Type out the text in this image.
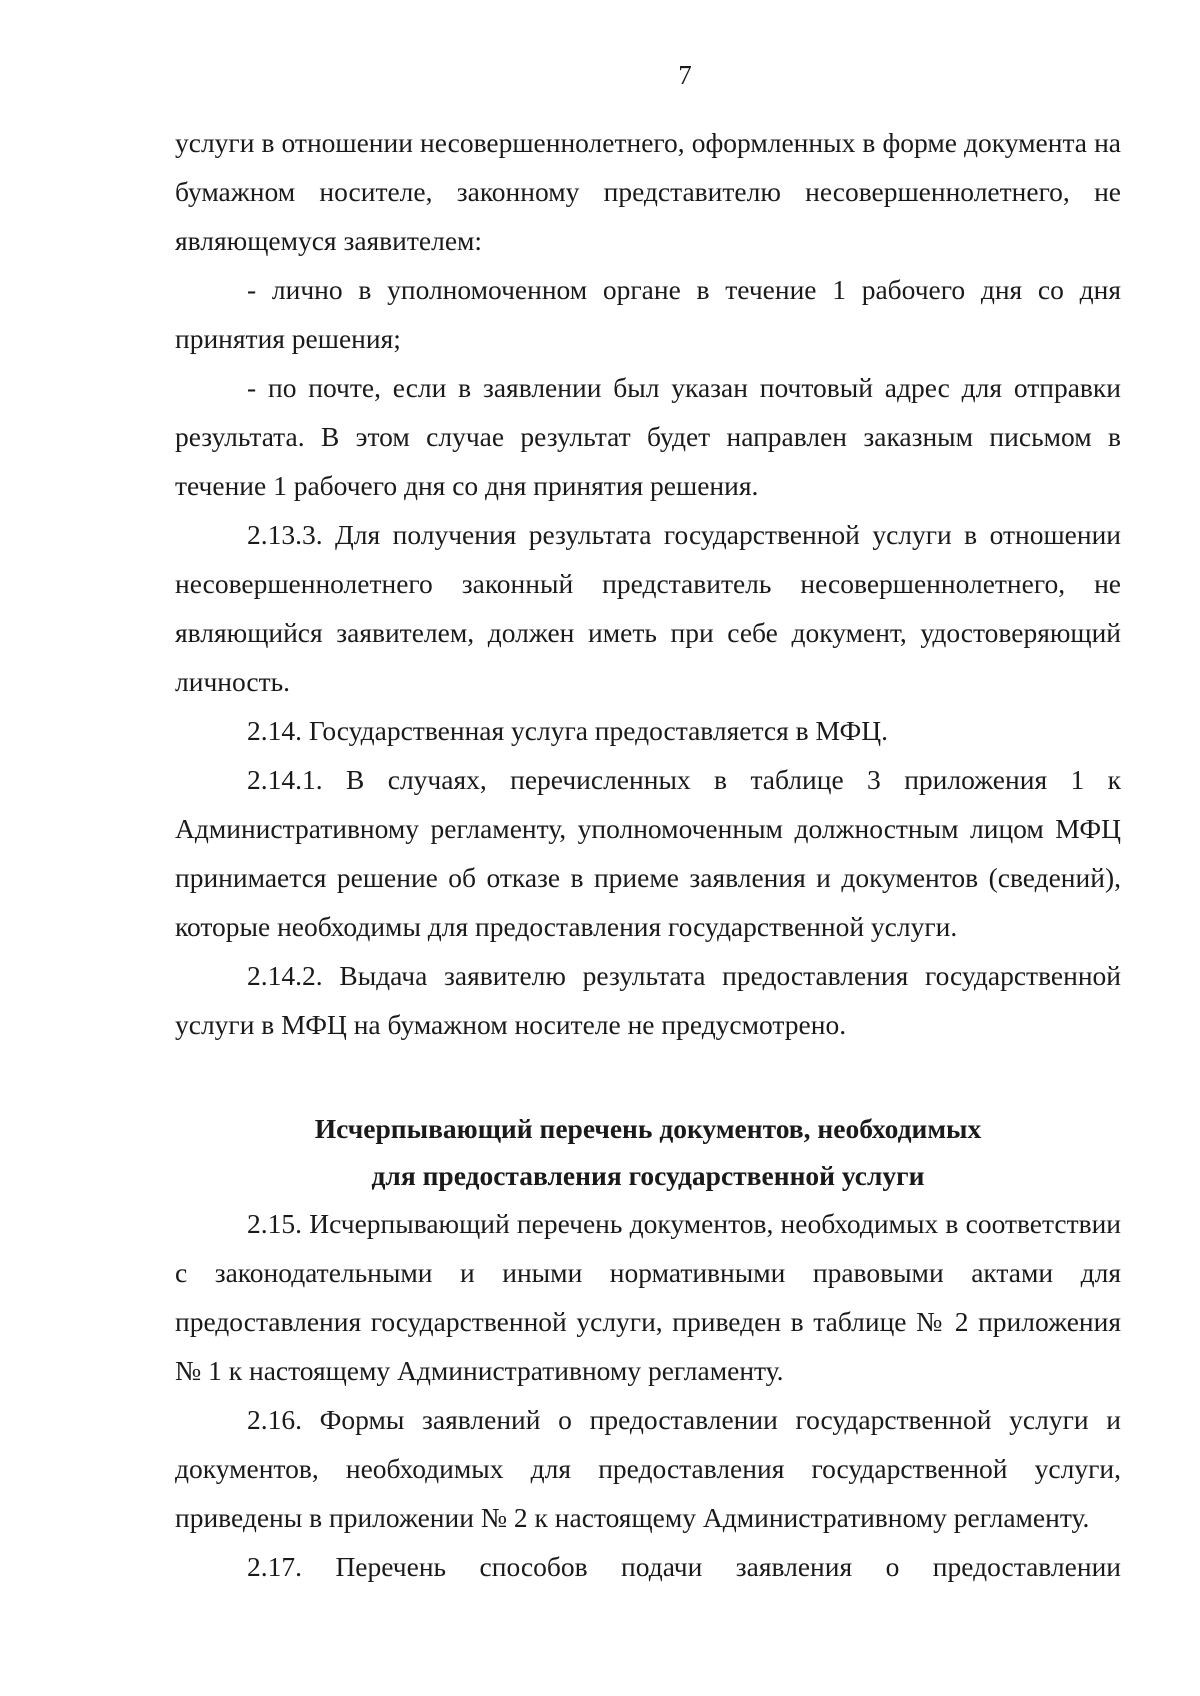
7

услуги в отношении несовершеннолетнего, оформленных в форме документа на бумажном носителе, законному представителю несовершеннолетнего, не являющемуся заявителем:

- лично в уполномоченном органе в течение 1 рабочего дня со дня принятия решения;

- по почте, если в заявлении был указан почтовый адрес для отправки результата. В этом случае результат будет направлен заказным письмом в течение 1 рабочего дня со дня принятия решения.

2.13.3. Для получения результата государственной услуги в отношении несовершеннолетнего законный представитель несовершеннолетнего, не являющийся заявителем, должен иметь при себе документ, удостоверяющий личность.

2.14. Государственная услуга предоставляется в МФЦ.

2.14.1. В случаях, перечисленных в таблице 3 приложения 1 к Административному регламенту, уполномоченным должностным лицом МФЦ принимается решение об отказе в приеме заявления и документов (сведений), которые необходимы для предоставления государственной услуги.

2.14.2. Выдача заявителю результата предоставления государственной услуги в МФЦ на бумажном носителе не предусмотрено.

Исчерпывающий перечень документов, необходимых
для предоставления государственной услуги

2.15. Исчерпывающий перечень документов, необходимых в соответствии с законодательными и иными нормативными правовыми актами для предоставления государственной услуги, приведен в таблице № 2 приложения № 1 к настоящему Административному регламенту.

2.16. Формы заявлений о предоставлении государственной услуги и документов, необходимых для предоставления государственной услуги, приведены в приложении № 2 к настоящему Административному регламенту.

2.17. Перечень способов подачи заявления о предоставлении
